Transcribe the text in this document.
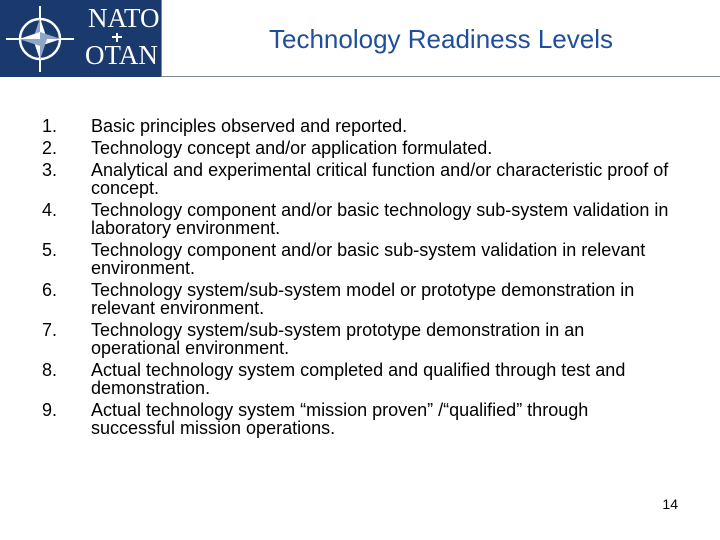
NATO
OTAN
Technology Readiness Levels
1.	Basic principles observed and reported.
2.	Technology concept and/or application formulated.
3.	Analytical and experimental critical function and/or characteristic proof of concept.
4.	Technology component and/or basic technology sub-system validation in laboratory environment.
5.	Technology component and/or basic sub-system validation in relevant environment.
6.	Technology system/sub-system model or prototype demonstration in relevant environment.
7.	Technology system/sub-system prototype demonstration in an operational environment.
8.	Actual technology system completed and qualified through test and demonstration.
9.	Actual technology system “mission proven” /“qualified” through successful mission operations.
14
